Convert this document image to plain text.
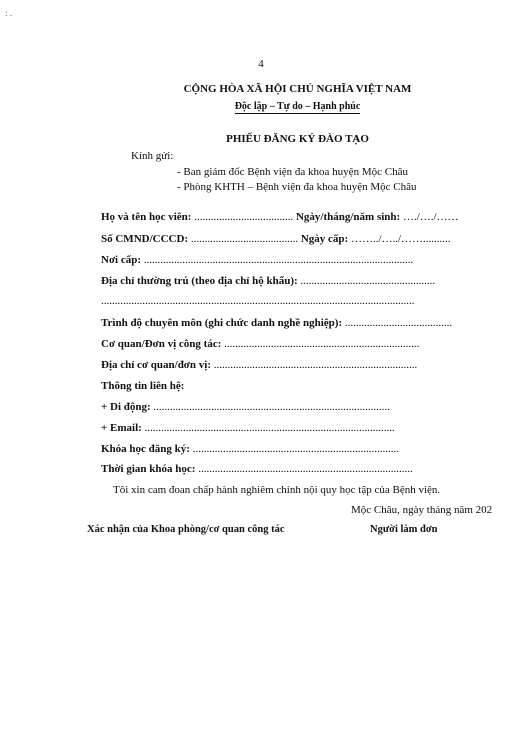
: .
4
CỘNG HÒA XÃ HỘI CHỦ NGHĨA VIỆT NAM
Độc lập – Tự do – Hạnh phúc
PHIẾU ĐĂNG KÝ ĐÀO TẠO
Kính gửi:
- Ban giám đốc Bệnh viện đa khoa huyện Mộc Châu
- Phòng KHTH – Bệnh viện đa khoa huyện Mộc Châu
Họ và tên học viên: .................................... Ngày/tháng/năm sinh: …./…./……
Số CMND/CCCD: ....................................... Ngày cấp: ……../…../……..........
Nơi cấp: ..................................................................................................
Địa chỉ thường trú (theo địa chỉ hộ khẩu): .................................................
..................................................................................................................
Trình độ chuyên môn (ghi chức danh nghề nghiệp): .......................................
Cơ quan/Đơn vị công tác: .......................................................................
Địa chỉ cơ quan/đơn vị: ..........................................................................
Thông tin liên hệ:
+ Di động: ......................................................................................
+ Email: ...........................................................................................
Khóa học đăng ký: ...........................................................................
Thời gian khóa học: ..............................................................................
Tôi xin cam đoan chấp hành nghiêm chỉnh nội quy học tập của Bệnh viện.
Mộc Châu, ngày tháng năm 202
Xác nhận của Khoa phòng/cơ quan công tác	Người làm đơn
